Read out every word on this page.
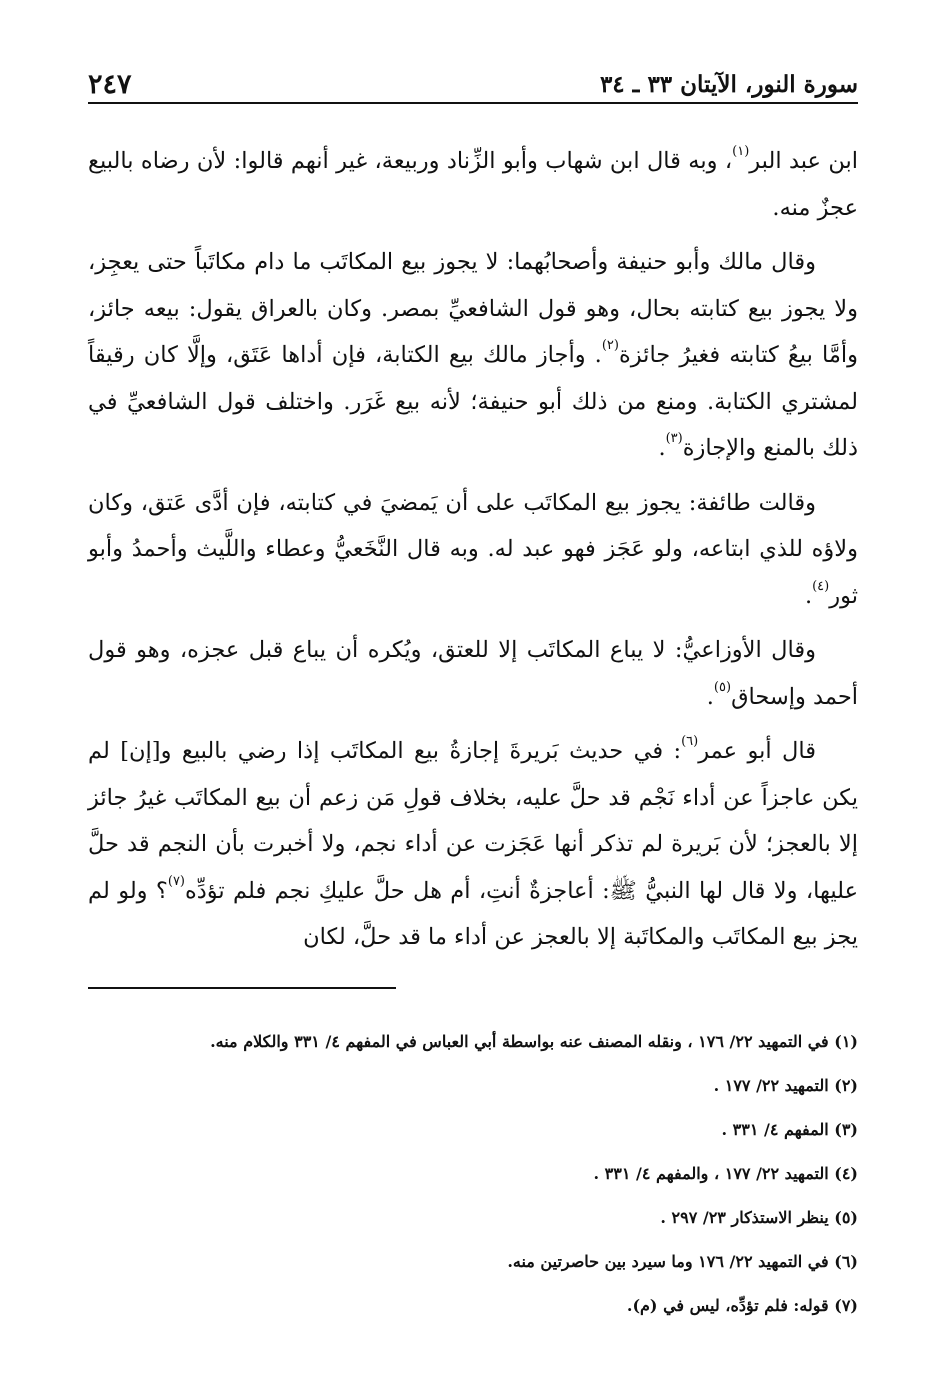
٢٤٧	سورة النور، الآيتان ٣٣ ـ ٣٤

ابن عبد البر$^{(١)}$، وبه قال ابن شهاب وأبو الزِّناد وربيعة، غير أنهم قالوا: لأن رضاه بالبيع عجزٌ منه.

وقال مالك وأبو حنيفة وأصحابُهما: لا يجوز بيع المكاتَب ما دام مكاتَباً حتى يعجِز، ولا يجوز بيع كتابته بحال، وهو قول الشافعيِّ بمصر. وكان بالعراق يقول: بيعه جائز، وأمَّا بيعُ كتابته فغيرُ جائزة$^{(٢)}$. وأجاز مالك بيع الكتابة، فإن أداها عَتَق، وإلَّا كان رقيقاً لمشتري الكتابة. ومنع من ذلك أبو حنيفة؛ لأنه بيع غَرَر. واختلف قول الشافعيِّ في ذلك بالمنع والإجازة$^{(٣)}$.

وقالت طائفة: يجوز بيع المكاتَب على أن يَمضيَ في كتابته، فإن أدَّى عَتق، وكان ولاؤه للذي ابتاعه، ولو عَجَز فهو عبد له. وبه قال النَّخَعيُّ وعطاء واللَّيث وأحمدُ وأبو ثور$^{(٤)}$.

وقال الأوزاعيُّ: لا يباع المكاتَب إلا للعتق، ويُكره أن يباع قبل عجزه، وهو قول أحمد وإسحاق$^{(٥)}$.

قال أبو عمر$^{(٦)}$: في حديث بَريرةَ إجازةُ بيع المكاتَب إذا رضي بالبيع و[إن] لم يكن عاجزاً عن أداء نَجْم قد حلَّ عليه، بخلاف قولِ مَن زعم أن بيع المكاتَب غيرُ جائز إلا بالعجز؛ لأن بَريرة لم تذكر أنها عَجَزت عن أداء نجم، ولا أخبرت بأن النجم قد حلَّ عليها، ولا قال لها النبيُّ ﷺ: أعاجزةٌ أنتِ، أم هل حلَّ عليكِ نجم فلم تؤدِّه$^{(٧)}$؟ ولو لم يجز بيع المكاتَب والمكاتَبة إلا بالعجز عن أداء ما قد حلَّ، لكان

(١) في التمهيد ٢٢/ ١٧٦ ، ونقله المصنف عنه بواسطة أبي العباس في المفهم ٤/ ٣٣١ والكلام منه.
(٢) التمهيد ٢٢/ ١٧٧ .
(٣) المفهم ٤/ ٣٣١ .
(٤) التمهيد ٢٢/ ١٧٧ ، والمفهم ٤/ ٣٣١ .
(٥) ينظر الاستذكار ٢٣/ ٢٩٧ .
(٦) في التمهيد ٢٢/ ١٧٦ وما سيرد بين حاصرتين منه.
(٧) قوله: فلم تؤدِّه، ليس في (م).
